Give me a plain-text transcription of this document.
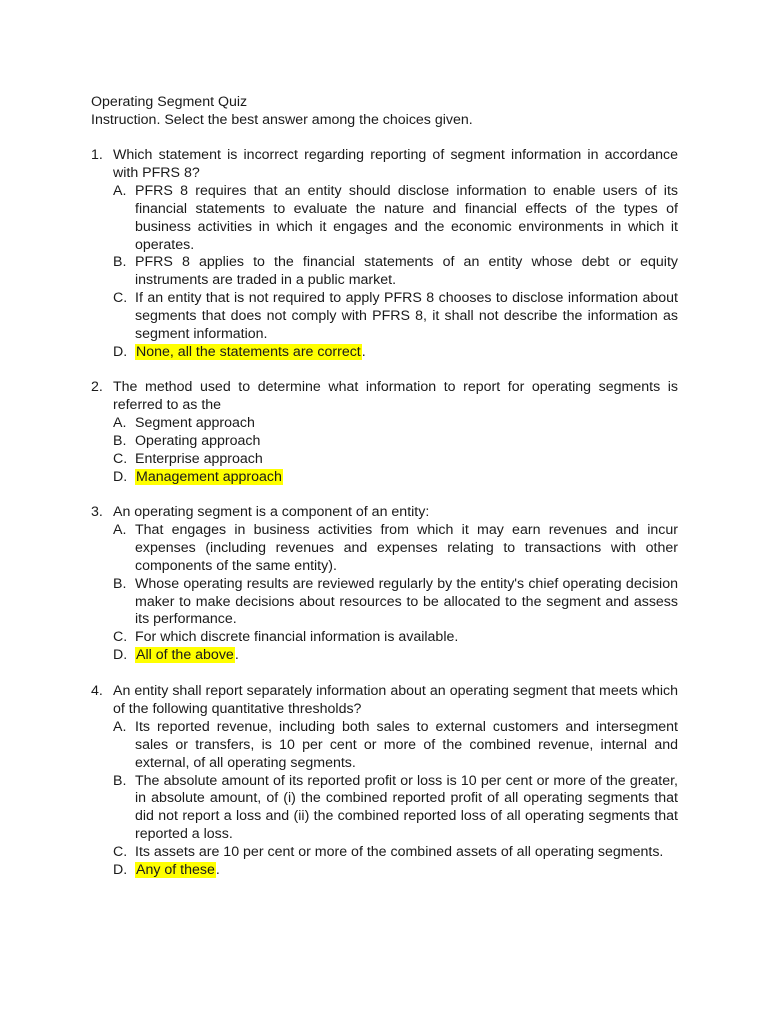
Operating Segment Quiz
Instruction. Select the best answer among the choices given.
1. Which statement is incorrect regarding reporting of segment information in accordance with PFRS 8?
A. PFRS 8 requires that an entity should disclose information to enable users of its financial statements to evaluate the nature and financial effects of the types of business activities in which it engages and the economic environments in which it operates.
B. PFRS 8 applies to the financial statements of an entity whose debt or equity instruments are traded in a public market.
C. If an entity that is not required to apply PFRS 8 chooses to disclose information about segments that does not comply with PFRS 8, it shall not describe the information as segment information.
D. None, all the statements are correct.
2. The method used to determine what information to report for operating segments is referred to as the
A. Segment approach
B. Operating approach
C. Enterprise approach
D. Management approach
3. An operating segment is a component of an entity:
A. That engages in business activities from which it may earn revenues and incur expenses (including revenues and expenses relating to transactions with other components of the same entity).
B. Whose operating results are reviewed regularly by the entity's chief operating decision maker to make decisions about resources to be allocated to the segment and assess its performance.
C. For which discrete financial information is available.
D. All of the above.
4. An entity shall report separately information about an operating segment that meets which of the following quantitative thresholds?
A. Its reported revenue, including both sales to external customers and intersegment sales or transfers, is 10 per cent or more of the combined revenue, internal and external, of all operating segments.
B. The absolute amount of its reported profit or loss is 10 per cent or more of the greater, in absolute amount, of (i) the combined reported profit of all operating segments that did not report a loss and (ii) the combined reported loss of all operating segments that reported a loss.
C. Its assets are 10 per cent or more of the combined assets of all operating segments.
D. Any of these.
